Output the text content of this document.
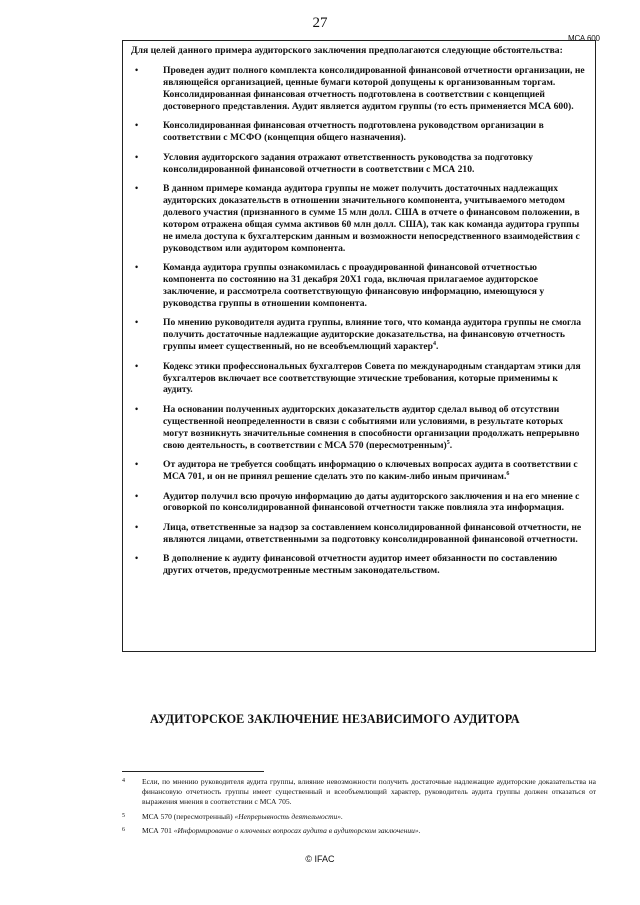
27
МСА 600

Для целей данного примера аудиторского заключения предполагаются следующие обстоятельства:

•	Проведен аудит полного комплекта консолидированной финансовой отчетности организации, не являющейся организацией, ценные бумаги которой допущены к организованным торгам. Консолидированная финансовая отчетность подготовлена в соответствии с концепцией достоверного представления. Аудит является аудитом группы (то есть применяется МСА 600).
•	Консолидированная финансовая отчетность подготовлена руководством организации в соответствии с МСФО (концепция общего назначения).
•	Условия аудиторского задания отражают ответственность руководства за подготовку консолидированной финансовой отчетности в соответствии с МСА 210.
•	В данном примере команда аудитора группы не может получить достаточных надлежащих аудиторских доказательств в отношении значительного компонента, учитываемого методом долевого участия (признанного в сумме 15 млн долл. США в отчете о финансовом положении, в котором отражена общая сумма активов 60 млн долл. США), так как команда аудитора группы не имела доступа к бухгалтерским данным и возможности непосредственного взаимодействия с руководством или аудитором компонента.
•	Команда аудитора группы ознакомилась с проаудированной финансовой отчетностью компонента по состоянию на 31 декабря 20X1 года, включая прилагаемое аудиторское заключение, и рассмотрела соответствующую финансовую информацию, имеющуюся у руководства группы в отношении компонента.
•	По мнению руководителя аудита группы, влияние того, что команда аудитора группы не смогла получить достаточные надлежащие аудиторские доказательства, на финансовую отчетность группы имеет существенный, но не всеобъемлющий характер$^4$.
•	Кодекс этики профессиональных бухгалтеров Совета по международным стандартам этики для бухгалтеров включает все соответствующие этические требования, которые применимы к аудиту.
•	На основании полученных аудиторских доказательств аудитор сделал вывод об отсутствии существенной неопределенности в связи с событиями или условиями, в результате которых могут возникнуть значительные сомнения в способности организации продолжать непрерывно свою деятельность, в соответствии с МСА 570 (пересмотренным)$^5$.
•	От аудитора не требуется сообщать информацию о ключевых вопросах аудита в соответствии с МСА 701, и он не принял решение сделать это по каким-либо иным причинам.$^6$
•	Аудитор получил всю прочую информацию до даты аудиторского заключения и на его мнение с оговоркой по консолидированной финансовой отчетности также повлияла эта информация.
•	Лица, ответственные за надзор за составлением консолидированной финансовой отчетности, не являются лицами, ответственными за подготовку консолидированной финансовой отчетности.
•	В дополнение к аудиту финансовой отчетности аудитор имеет обязанности по составлению других отчетов, предусмотренные местным законодательством.
АУДИТОРСКОЕ ЗАКЛЮЧЕНИЕ НЕЗАВИСИМОГО АУДИТОРА
4 Если, по мнению руководителя аудита группы, влияние невозможности получить достаточные надлежащие аудиторские доказательства на финансовую отчетность группы имеет существенный и всеобъемлющий характер, руководитель аудита группы должен отказаться от выражения мнения в соответствии с МСА 705.
5 МСА 570 (пересмотренный) «Непрерывность деятельности».
6 МСА 701 «Информирование о ключевых вопросах аудита в аудиторском заключении».
© IFAC
